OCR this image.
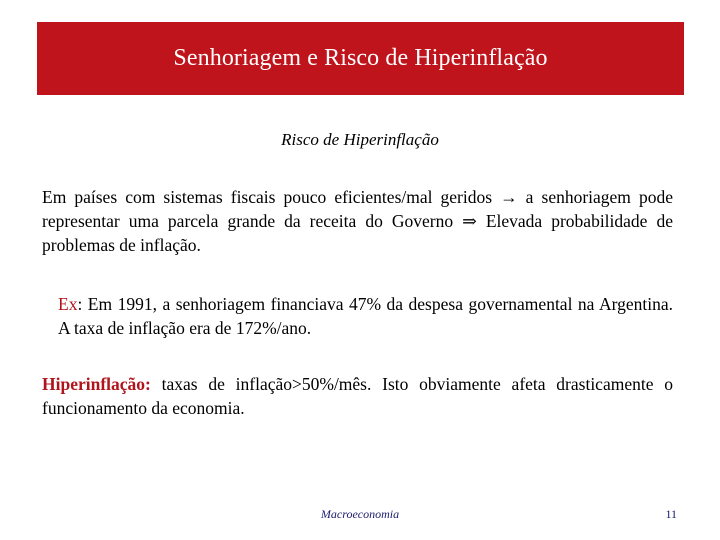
Senhoriagem e Risco de Hiperinflação
Risco de Hiperinflação
Em países com sistemas fiscais pouco eficientes/mal geridos → a senhoriagem pode representar uma parcela grande da receita do Governo ⇒ Elevada probabilidade de problemas de inflação.
Ex: Em 1991, a senhoriagem financiava 47% da despesa governamental na Argentina. A taxa de inflação era de 172%/ano.
Hiperinflação: taxas de inflação>50%/mês. Isto obviamente afeta drasticamente o funcionamento da economia.
Macroeconomia	11
